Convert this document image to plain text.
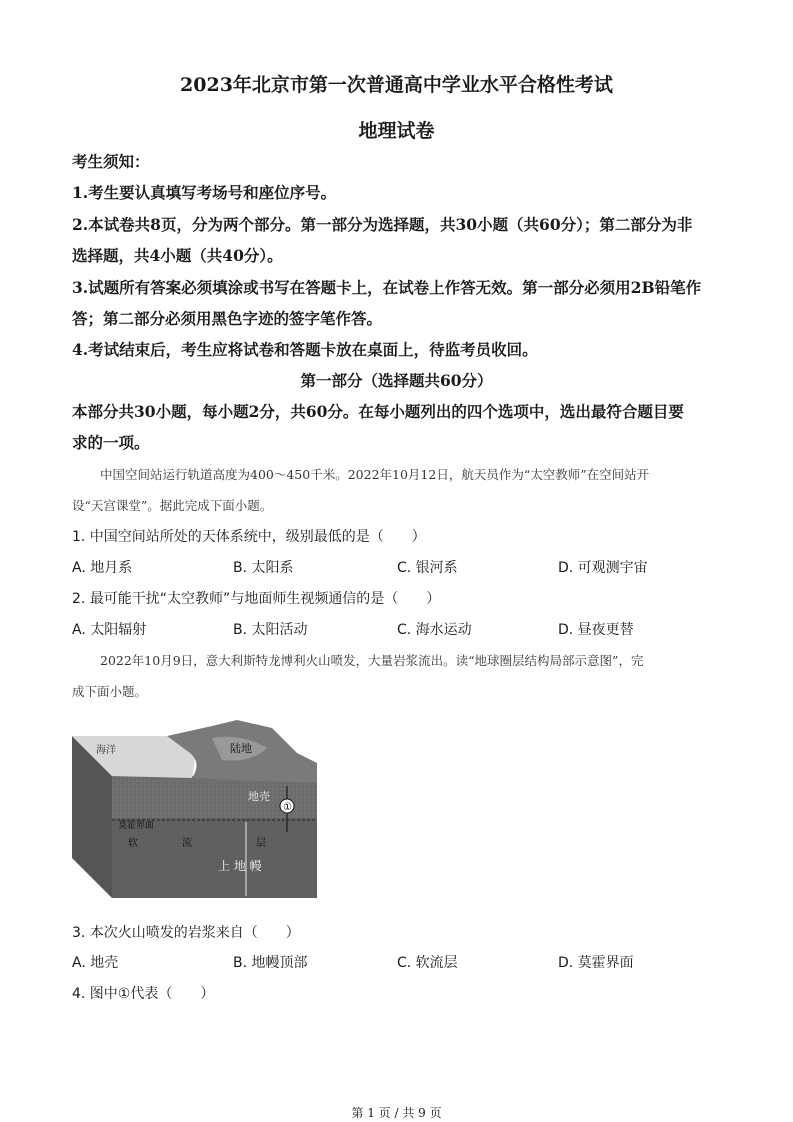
2023年北京市第一次普通高中学业水平合格性考试
地理试卷
考生须知：
1.考生要认真填写考场号和座位序号。
2.本试卷共8页，分为两个部分。第一部分为选择题，共30小题（共60分）；第二部分为非
选择题，共4小题（共40分）。
3.试题所有答案必须填涂或书写在答题卡上，在试卷上作答无效。第一部分必须用2B铅笔作
答；第二部分必须用黑色字迹的签字笔作答。
4.考试结束后，考生应将试卷和答题卡放在桌面上，待监考员收回。
第一部分（选择题共60分）
本部分共30小题，每小题2分，共60分。在每小题列出的四个选项中，选出最符合题目要
求的一项。
中国空间站运行轨道高度为400～450千米。2022年10月12日，航天员作为“太空教师”在空间站开
设“天宫课堂”。据此完成下面小题。
1. 中国空间站所处的天体系统中，级别最低的是（　　）
A. 地月系	B. 太阳系	C. 银河系	D. 可观测宇宙
2. 最可能干扰“太空教师”与地面师生视频通信的是（　　）
A. 太阳辐射	B. 太阳活动	C. 海水运动	D. 昼夜更替
2022年10月9日，意大利斯特龙博利火山喷发，大量岩浆流出。读“地球圈层结构局部示意图”，完
成下面小题。
①
海洋	陆地
地壳
莫霍界面
软	流	层
上 地 幔
3. 本次火山喷发的岩浆来自（　　）
A. 地壳	B. 地幔顶部	C. 软流层	D. 莫霍界面
4. 图中①代表（　　）
第 1 页 / 共 9 页
